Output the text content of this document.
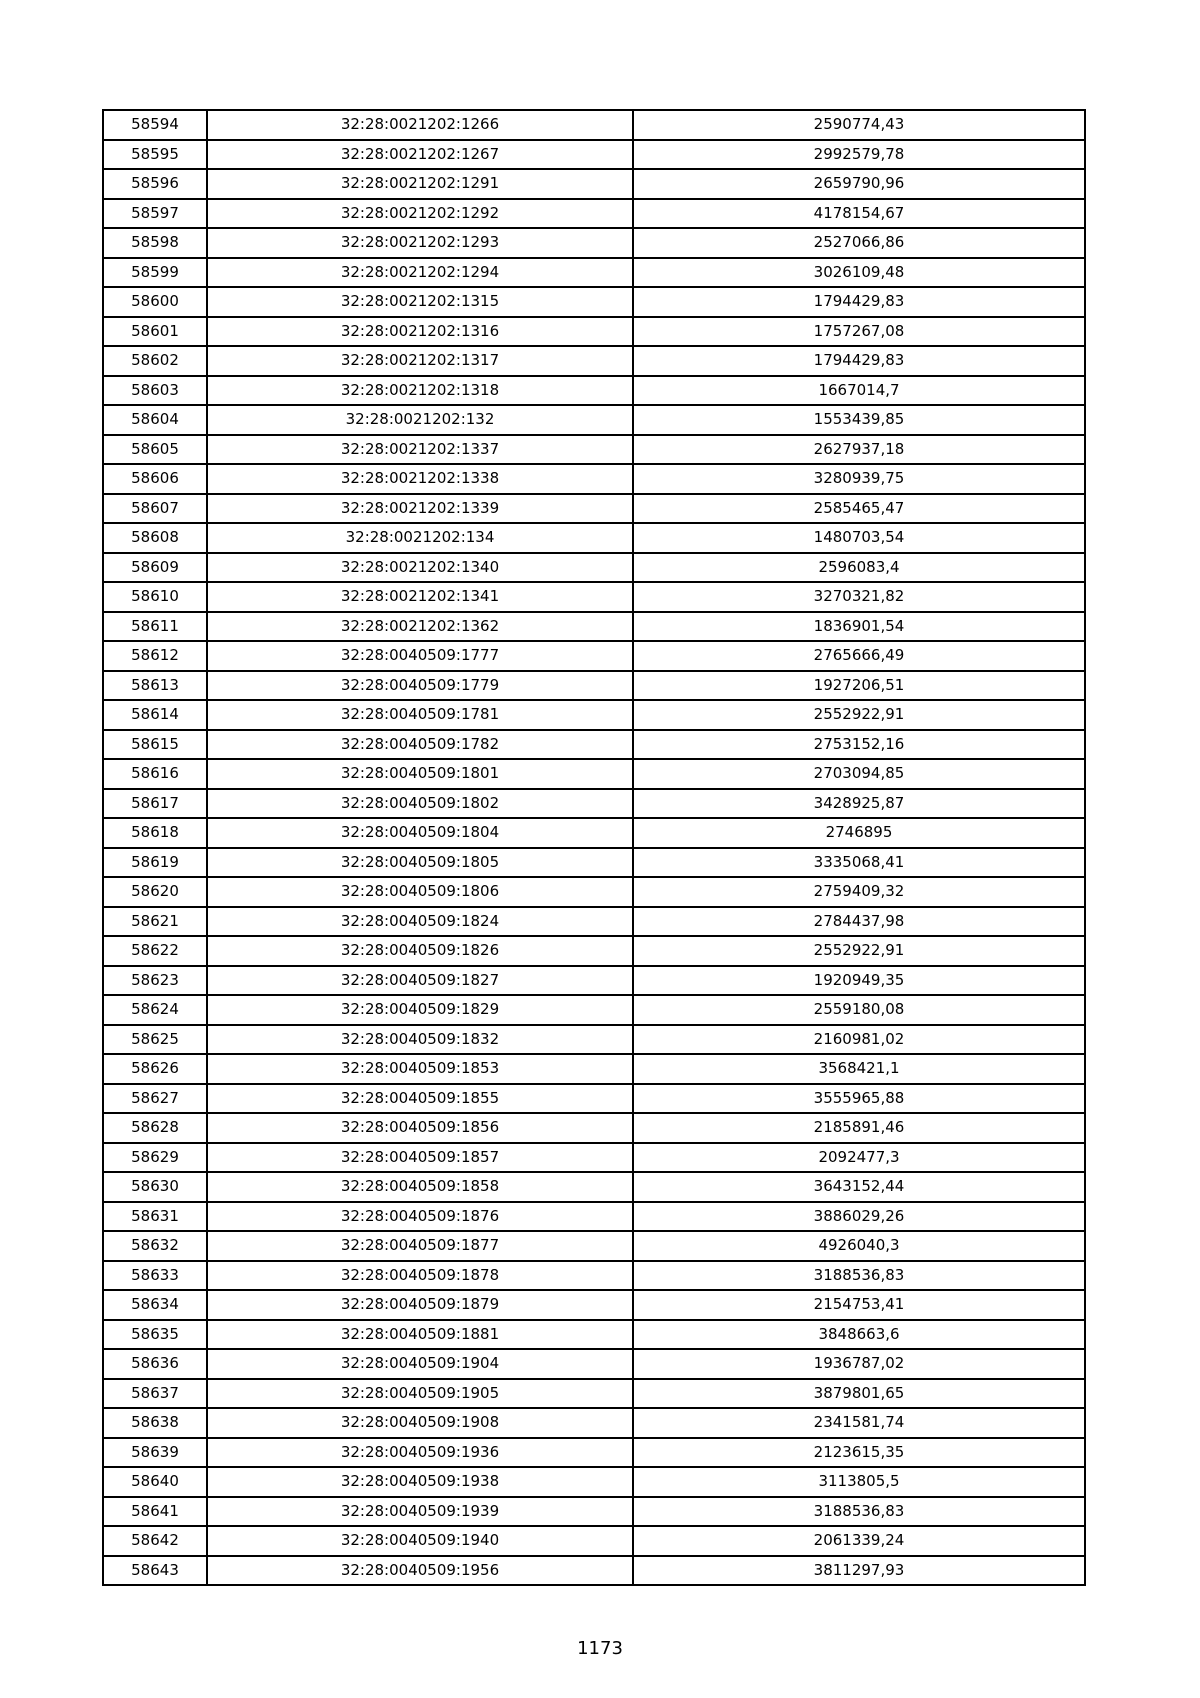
58594	32:28:0021202:1266	2590774,43
58595	32:28:0021202:1267	2992579,78
58596	32:28:0021202:1291	2659790,96
58597	32:28:0021202:1292	4178154,67
58598	32:28:0021202:1293	2527066,86
58599	32:28:0021202:1294	3026109,48
58600	32:28:0021202:1315	1794429,83
58601	32:28:0021202:1316	1757267,08
58602	32:28:0021202:1317	1794429,83
58603	32:28:0021202:1318	1667014,7
58604	32:28:0021202:132	1553439,85
58605	32:28:0021202:1337	2627937,18
58606	32:28:0021202:1338	3280939,75
58607	32:28:0021202:1339	2585465,47
58608	32:28:0021202:134	1480703,54
58609	32:28:0021202:1340	2596083,4
58610	32:28:0021202:1341	3270321,82
58611	32:28:0021202:1362	1836901,54
58612	32:28:0040509:1777	2765666,49
58613	32:28:0040509:1779	1927206,51
58614	32:28:0040509:1781	2552922,91
58615	32:28:0040509:1782	2753152,16
58616	32:28:0040509:1801	2703094,85
58617	32:28:0040509:1802	3428925,87
58618	32:28:0040509:1804	2746895
58619	32:28:0040509:1805	3335068,41
58620	32:28:0040509:1806	2759409,32
58621	32:28:0040509:1824	2784437,98
58622	32:28:0040509:1826	2552922,91
58623	32:28:0040509:1827	1920949,35
58624	32:28:0040509:1829	2559180,08
58625	32:28:0040509:1832	2160981,02
58626	32:28:0040509:1853	3568421,1
58627	32:28:0040509:1855	3555965,88
58628	32:28:0040509:1856	2185891,46
58629	32:28:0040509:1857	2092477,3
58630	32:28:0040509:1858	3643152,44
58631	32:28:0040509:1876	3886029,26
58632	32:28:0040509:1877	4926040,3
58633	32:28:0040509:1878	3188536,83
58634	32:28:0040509:1879	2154753,41
58635	32:28:0040509:1881	3848663,6
58636	32:28:0040509:1904	1936787,02
58637	32:28:0040509:1905	3879801,65
58638	32:28:0040509:1908	2341581,74
58639	32:28:0040509:1936	2123615,35
58640	32:28:0040509:1938	3113805,5
58641	32:28:0040509:1939	3188536,83
58642	32:28:0040509:1940	2061339,24
58643	32:28:0040509:1956	3811297,93
1173
